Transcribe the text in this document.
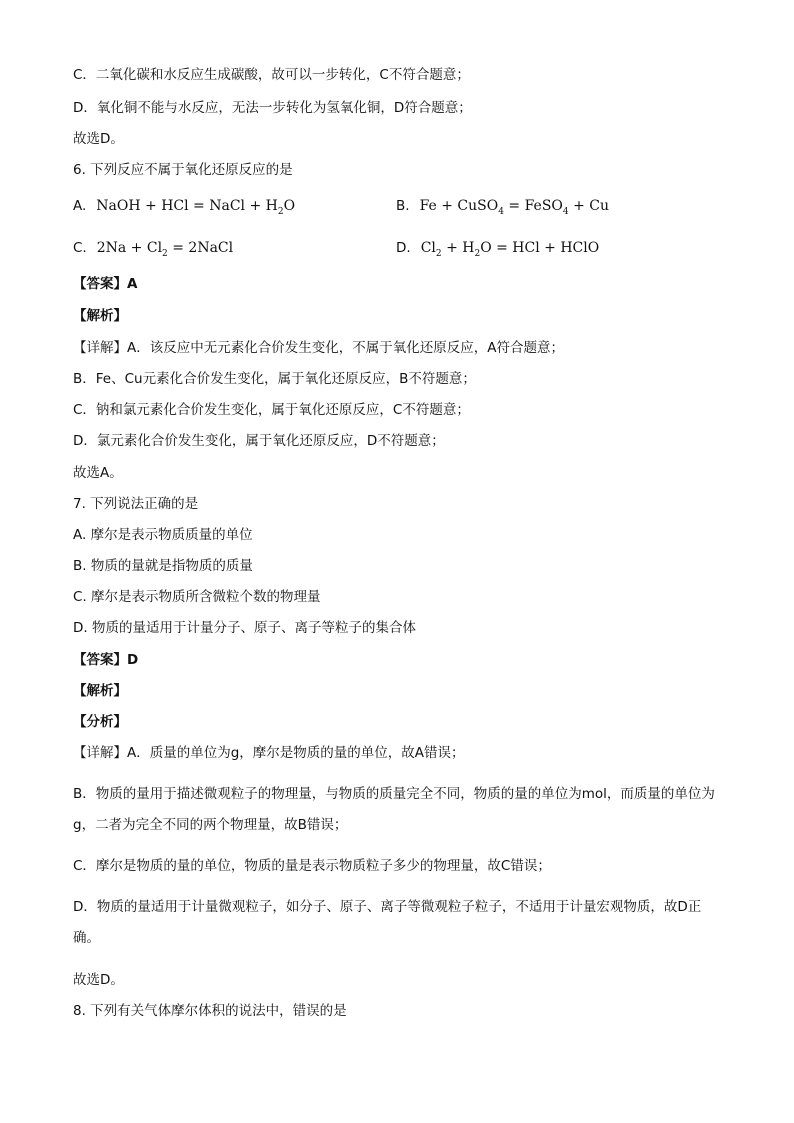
C．二氧化碳和水反应生成碳酸，故可以一步转化，C不符合题意；
D．氧化铜不能与水反应，无法一步转化为氢氧化铜，D符合题意；
故选D。
6. 下列反应不属于氧化还原反应的是
A. NaOH + HCl = NaCl + $H_2O$	B. Fe + CuSO$_4$ = FeSO$_4$ + Cu
C. $2Na + Cl_2$ = 2NaCl	D. $Cl_2 + H_2O$ = HCl + HClO
【答案】A
【解析】
【详解】A．该反应中无元素化合价发生变化，不属于氧化还原反应，A符合题意；
B．Fe、Cu元素化合价发生变化，属于氧化还原反应，B不符题意；
C．钠和氯元素化合价发生变化，属于氧化还原反应，C不符题意；
D．氯元素化合价发生变化，属于氧化还原反应，D不符题意；
故选A。
7. 下列说法正确的是
A. 摩尔是表示物质质量的单位
B. 物质的量就是指物质的质量
C. 摩尔是表示物质所含微粒个数的物理量
D. 物质的量适用于计量分子、原子、离子等粒子的集合体
【答案】D
【解析】
【分析】
【详解】A．质量的单位为g，摩尔是物质的量的单位，故A错误；
B．物质的量用于描述微观粒子的物理量，与物质的质量完全不同，物质的量的单位为mol，而质量的单位为g，二者为完全不同的两个物理量，故B错误；
C．摩尔是物质的量的单位，物质的量是表示物质粒子多少的物理量，故C错误；
D．物质的量适用于计量微观粒子，如分子、原子、离子等微观粒子粒子，不适用于计量宏观物质，故D正确。
故选D。
8. 下列有关气体摩尔体积的说法中，错误的是
